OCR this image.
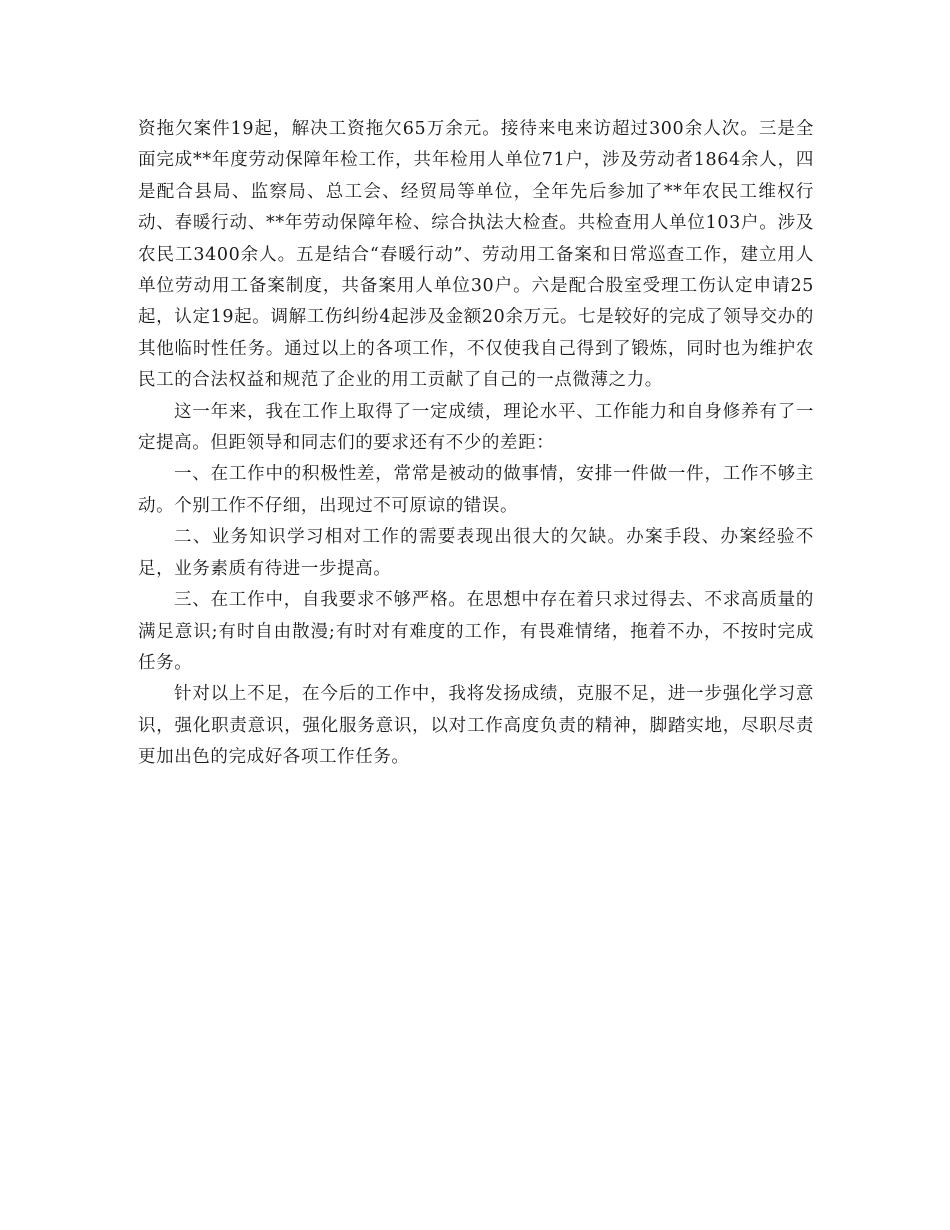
资拖欠案件19起，解决工资拖欠65万余元。接待来电来访超过300余人次。三是全面完成**年度劳动保障年检工作，共年检用人单位71户，涉及劳动者1864余人，四是配合县局、监察局、总工会、经贸局等单位，全年先后参加了**年农民工维权行动、春暖行动、**年劳动保障年检、综合执法大检查。共检查用人单位103户。涉及农民工3400余人。五是结合“春暖行动”、劳动用工备案和日常巡查工作，建立用人单位劳动用工备案制度，共备案用人单位30户。六是配合股室受理工伤认定申请25起，认定19起。调解工伤纠纷4起涉及金额20余万元。七是较好的完成了领导交办的其他临时性任务。通过以上的各项工作，不仅使我自己得到了锻炼，同时也为维护农民工的合法权益和规范了企业的用工贡献了自己的一点微薄之力。

这一年来，我在工作上取得了一定成绩，理论水平、工作能力和自身修养有了一定提高。但距领导和同志们的要求还有不少的差距：

一、在工作中的积极性差，常常是被动的做事情，安排一件做一件，工作不够主动。个别工作不仔细，出现过不可原谅的错误。

二、业务知识学习相对工作的需要表现出很大的欠缺。办案手段、办案经验不足，业务素质有待进一步提高。

三、在工作中，自我要求不够严格。在思想中存在着只求过得去、不求高质量的满足意识;有时自由散漫;有时对有难度的工作，有畏难情绪，拖着不办，不按时完成任务。

针对以上不足，在今后的工作中，我将发扬成绩，克服不足，进一步强化学习意识，强化职责意识，强化服务意识，以对工作高度负责的精神，脚踏实地，尽职尽责更加出色的完成好各项工作任务。
